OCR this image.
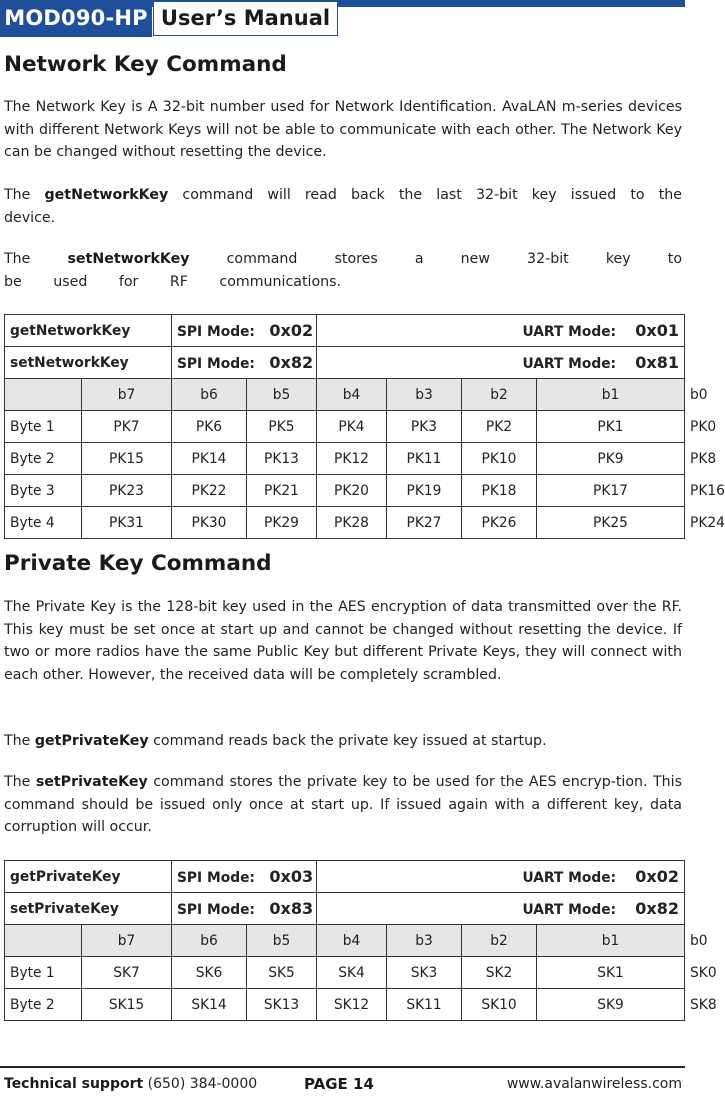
MOD090-HP User’s Manual
Network Key Command

The Network Key is A 32-bit number used for Network Identification. AvaLAN m-series devices with different Network Keys will not be able to communicate with each other. The Network Key can be changed without resetting the device.

The getNetworkKey command will read back the last 32-bit key issued to the device.

The setNetworkKey command stores a new 32-bit key to be used for RF communications.

getNetworkKey		SPI Mode: 0x02		UART Mode: 0x01				
setNetworkKey		SPI Mode: 0x82		UART Mode: 0x81				
	b7	b6	b5	b4	b3	b2	b1	b0
Byte 1	PK7	PK6	PK5	PK4	PK3	PK2	PK1	PK0
Byte 2	PK15	PK14	PK13	PK12	PK11	PK10	PK9	PK8
Byte 3	PK23	PK22	PK21	PK20	PK19	PK18	PK17	PK16
Byte 4	PK31	PK30	PK29	PK28	PK27	PK26	PK25	PK24
Private Key Command

The Private Key is the 128-bit key used in the AES encryption of data transmitted over the RF. This key must be set once at start up and cannot be changed without resetting the device. If two or more radios have the same Public Key but different Private Keys, they will connect with each other. However, the received data will be completely scrambled.

The getPrivateKey command reads back the private key issued at startup.

The setPrivateKey command stores the private key to be used for the AES encryp-tion. This command should be issued only once at start up. If issued again with a different key, data corruption will occur.

getPrivateKey		SPI Mode: 0x03		UART Mode: 0x02				
setPrivateKey		SPI Mode: 0x83		UART Mode: 0x82				
	b7	b6	b5	b4	b3	b2	b1	b0
Byte 1	SK7	SK6	SK5	SK4	SK3	SK2	SK1	SK0
Byte 2	SK15	SK14	SK13	SK12	SK11	SK10	SK9	SK8
Technical support (650) 384-0000	PAGE 14	www.avalanwireless.com
